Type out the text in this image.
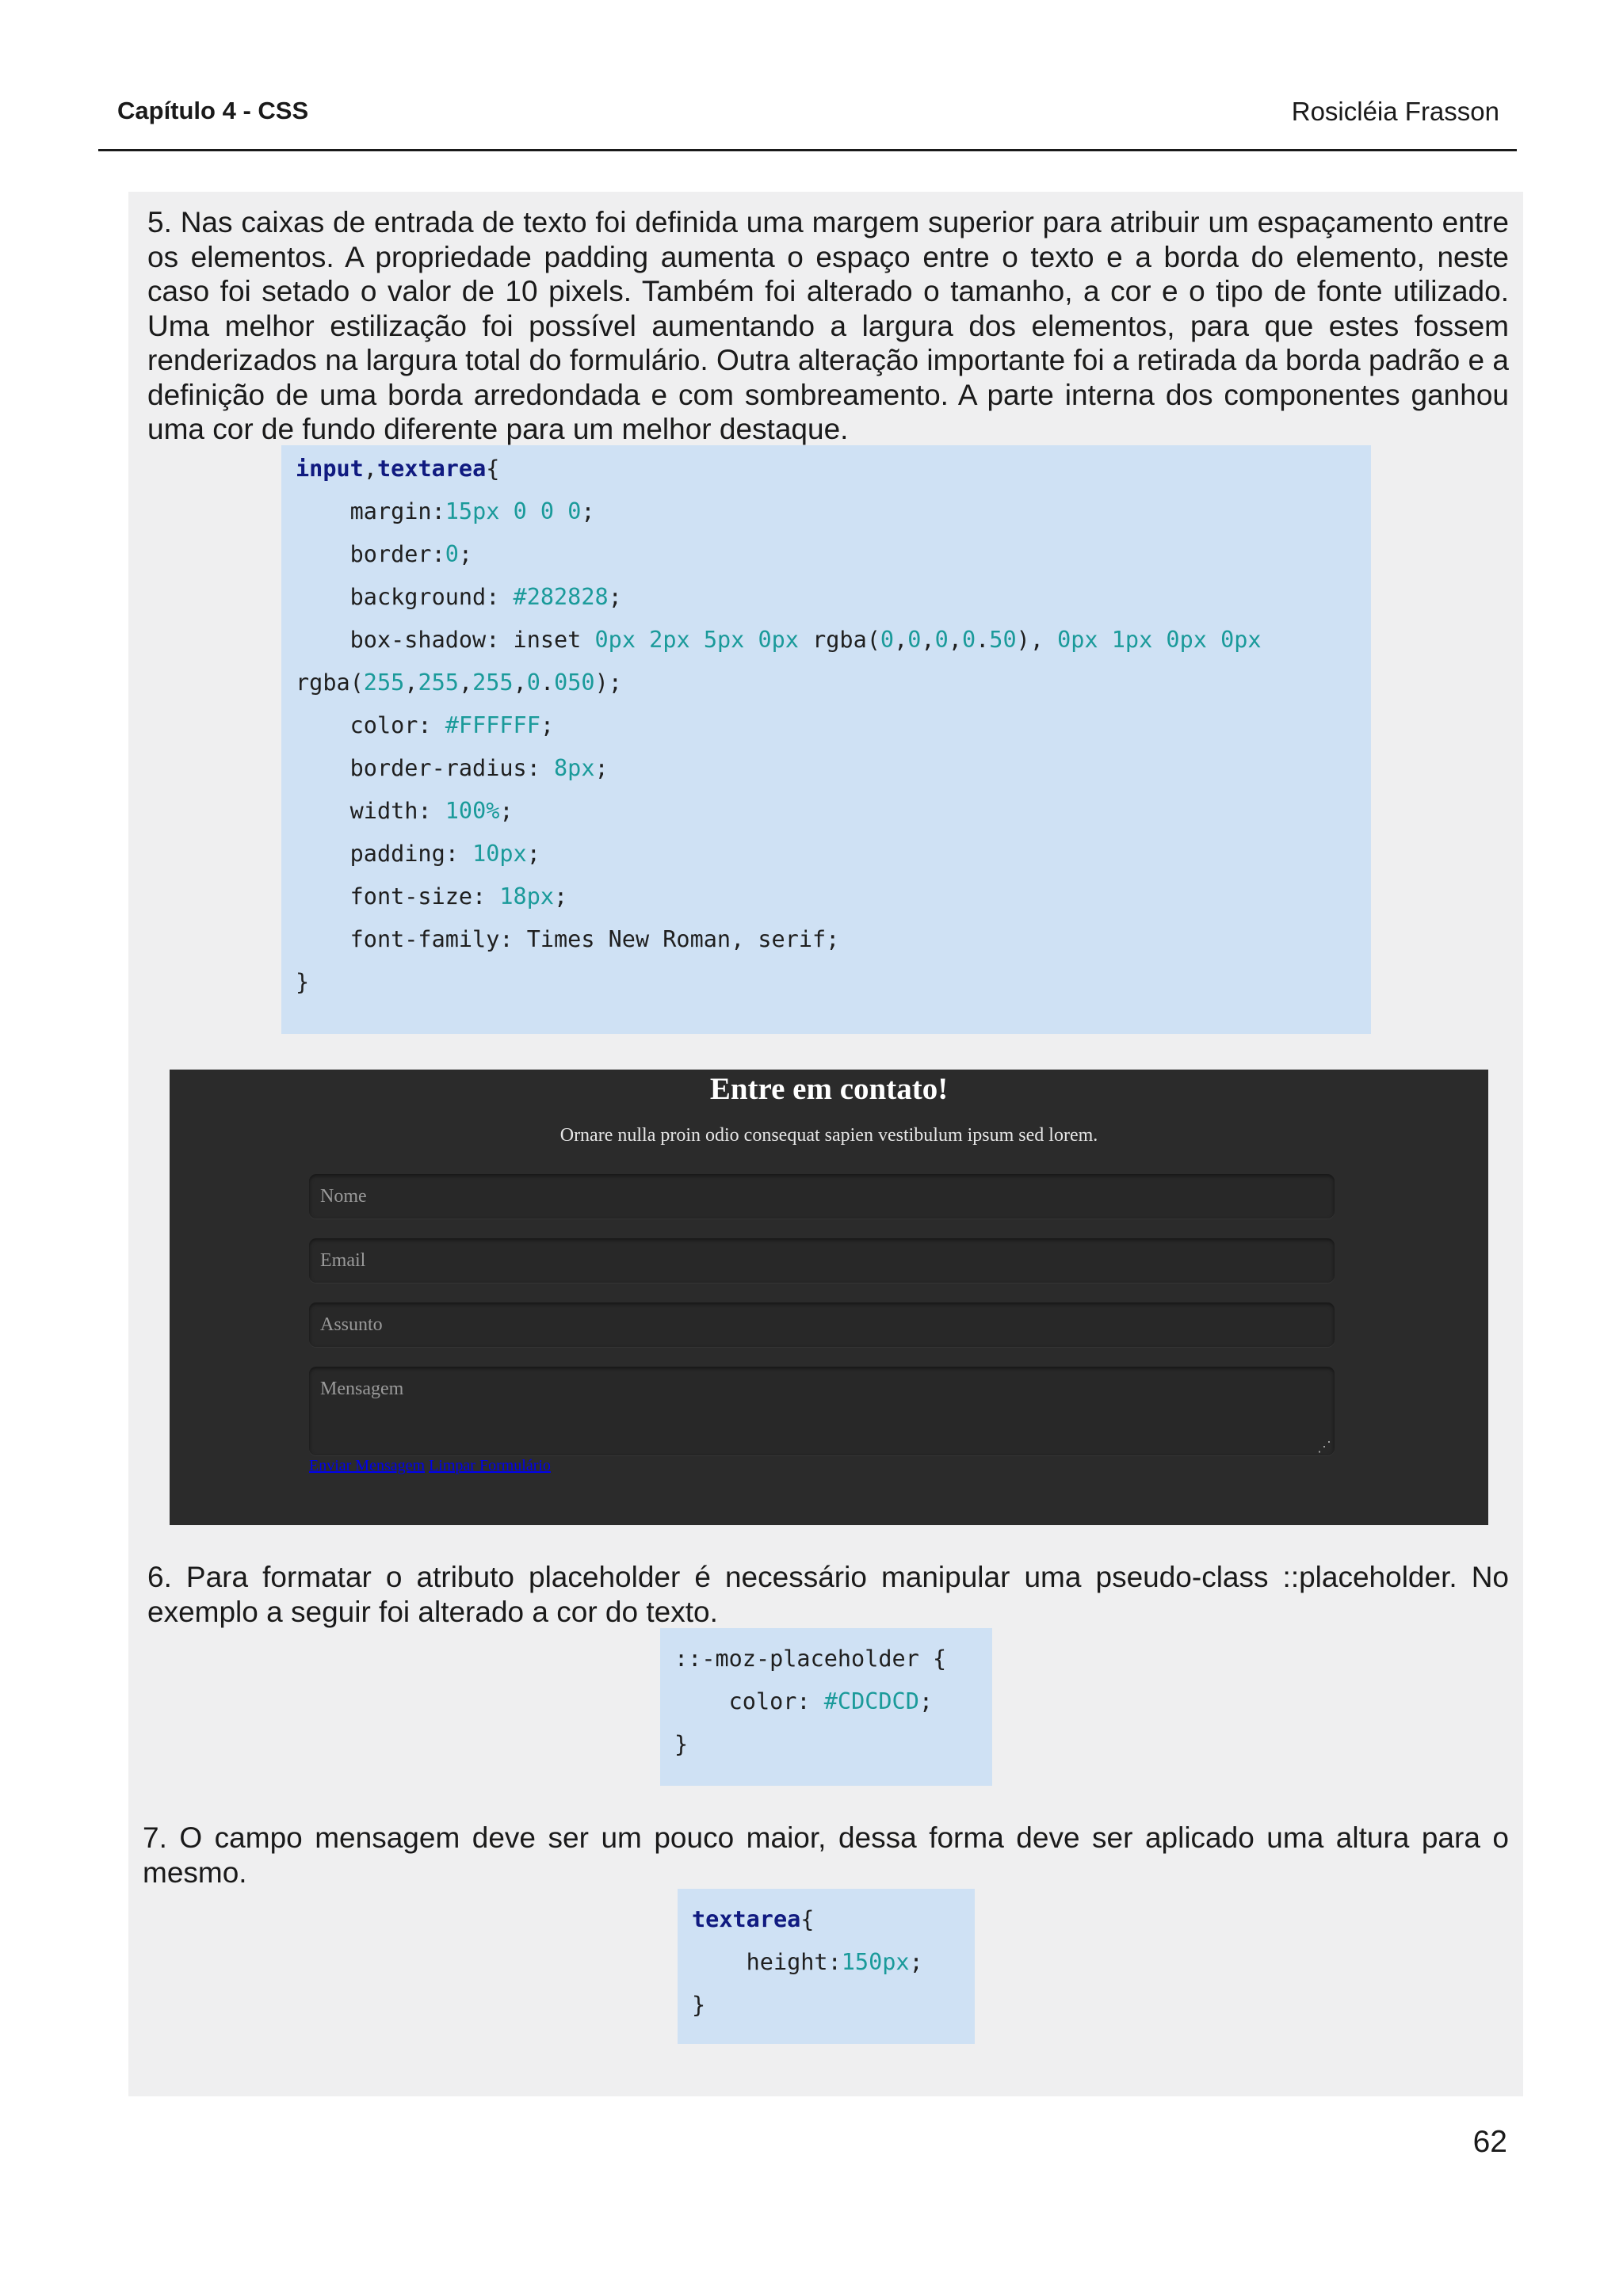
Capítulo 4 - CSS	Rosicléia Frasson
5. Nas caixas de entrada de texto foi definida uma margem superior para atribuir um espaçamento entre os elementos. A propriedade padding aumenta o espaço entre o texto e a borda do elemento, neste caso foi setado o valor de 10 pixels. Também foi alterado o tamanho, a cor e o tipo de fonte utilizado. Uma melhor estilização foi possível aumentando a largura dos elementos, para que estes fossem renderizados na largura total do formulário. Outra alteração importante foi a retirada da borda padrão e a definição de uma borda arredondada e com sombreamento. A parte interna dos componentes ganhou uma cor de fundo diferente para um melhor destaque.
input,textarea{
margin:15px 0 0 0;
border:0;
background: #282828;
box-shadow: inset 0px 2px 5px 0px rgba(0,0,0,0.50), 0px 1px 0px 0px
rgba(255,255,255,0.050);
color: #FFFFFF;
border-radius: 8px;
width: 100%;
padding: 10px;
font-size: 18px;
font-family: Times New Roman, serif;
}
Entre em contato!
Ornare nulla proin odio consequat sapien vestibulum ipsum sed lorem.
Nome
Email
Assunto
Mensagem
⋰
Enviar Mensagem Limpar Formulário
6. Para formatar o atributo placeholder é necessário manipular uma pseudo-class ::placeholder. No exemplo a seguir foi alterado a cor do texto.
::-moz-placeholder {
color: #CDCDCD;
}
7. O campo mensagem deve ser um pouco maior, dessa forma deve ser aplicado uma altura para o mesmo.
textarea{
height:150px;
}
62
